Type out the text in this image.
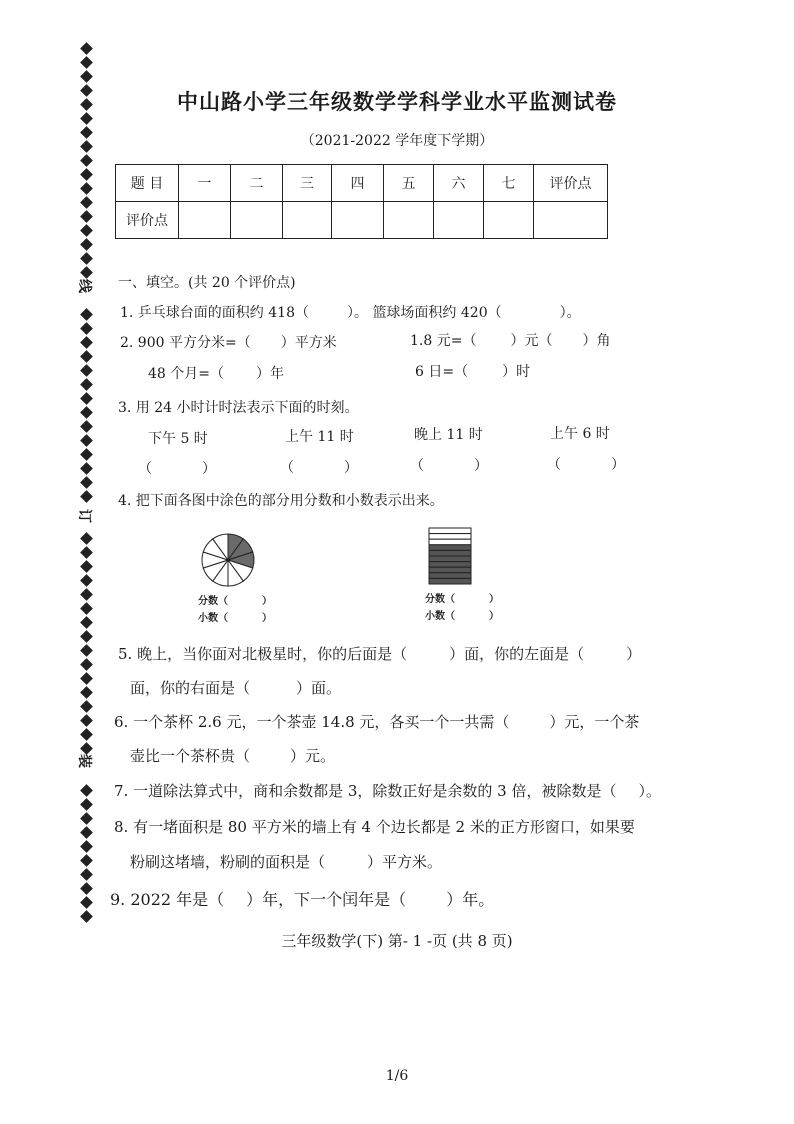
线
订
装
中山路小学三年级数学学科学业水平监测试卷
（2021-2022 学年度下学期）
题 目	一	二	三	四	五	六	七	评价点
评价点								
一、填空。(共 20 个评价点)
1. 乒乓球台面的面积约 418（	）。 篮球场面积约 420（	）。
2. 900 平方分米=（ ）平方米	1.8 元=（ ）元（ ）角
48 个月=（ ）年	6 日=（ ）时
3. 用 24 小时计时法表示下面的时刻。
下午 5 时	上午 11 时	晚上 11 时	上午 6 时
（	）	（	）	（	）	（	）
4. 把下面各图中涂色的部分用分数和小数表示出来。
分数（	）
小数（	）
分数（	）
小数（	）
5. 晚上，当你面对北极星时，你的后面是（	）面，你的左面是（	）
面，你的右面是（	）面。
6. 一个茶杯 2.6 元，一个茶壶 14.8 元，各买一个一共需（	）元，一个茶
壶比一个茶杯贵（	）元。
7. 一道除法算式中，商和余数都是 3，除数正好是余数的 3 倍，被除数是（ ）。
8. 有一堵面积是 80 平方米的墙上有 4 个边长都是 2 米的正方形窗口，如果要
粉刷这堵墙，粉刷的面积是（	）平方米。
9. 2022 年是（ ）年，下一个闰年是（	）年。
三年级数学(下) 第- 1 -页 (共 8 页)
1/6
